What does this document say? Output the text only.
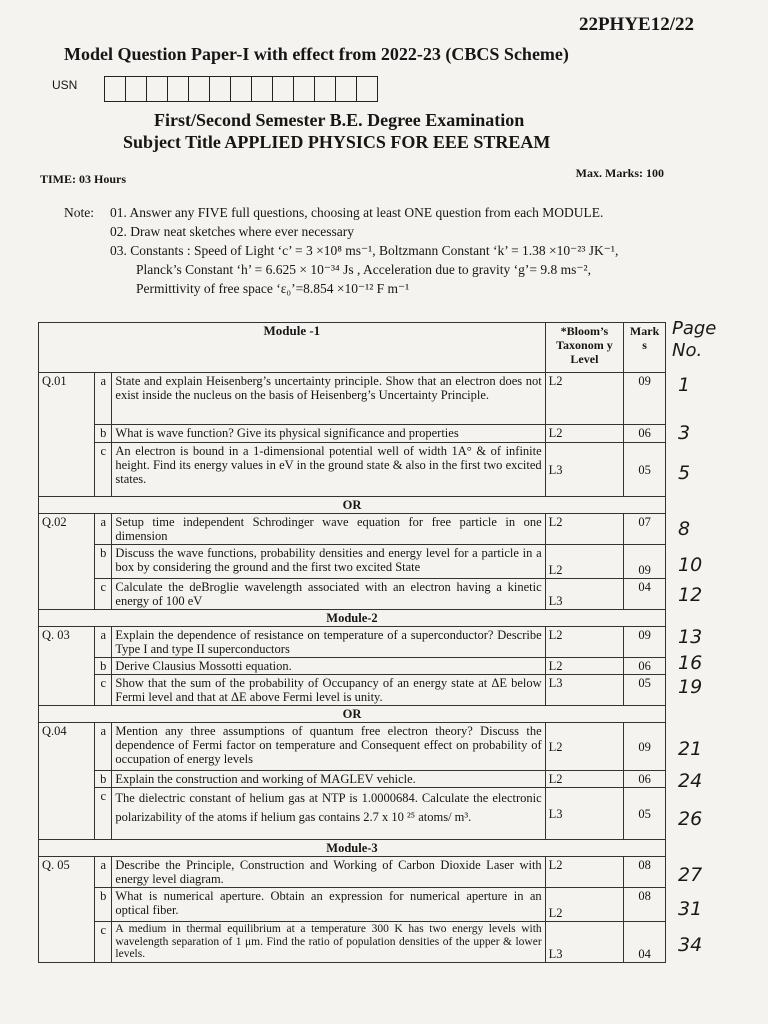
22PHYE12/22
Model Question Paper-I with effect from 2022-23 (CBCS Scheme)
USN
First/Second Semester B.E. Degree Examination
Subject Title APPLIED PHYSICS FOR EEE STREAM
TIME: 03 Hours	Max. Marks: 100
Note:	01. Answer any FIVE full questions, choosing at least ONE question from each MODULE.
02. Draw neat sketches where ever necessary
03. Constants : Speed of Light ‘c’ = 3 ×10⁸ ms⁻¹, Boltzmann Constant ‘k’ = 1.38 ×10⁻²³ JK⁻¹,
Planck’s Constant ‘h’ = 6.625 × 10⁻³⁴ Js , Acceleration due to gravity ‘g’= 9.8 ms⁻²,
Permittivity of free space ‘ε₀’=8.854 ×10⁻¹² F m⁻¹
Module -1			*Bloom’s Taxonom y Level	Mark s
Q.01	a	State and explain Heisenberg’s uncertainty principle. Show that an electron does not exist inside the nucleus on the basis of Heisenberg’s Uncertainty Principle.	L2	09
	b	What is wave function? Give its physical significance and properties	L2	06
	c	An electron is bound in a 1-dimensional potential well of width 1A° & of infinite height. Find its energy values in eV in the ground state & also in the first two excited states.	L3	05
OR				
Q.02	a	Setup time independent Schrodinger wave equation for free particle in one dimension	L2	07
	b	Discuss the wave functions, probability densities and energy level for a particle in a box by considering the ground and the first two excited State	L2	09
	c	Calculate the deBroglie wavelength associated with an electron having a kinetic energy of 100 eV	L3	04
Module-2				
Q. 03	a	Explain the dependence of resistance on temperature of a superconductor? Describe Type I and type II superconductors	L2	09
	b	Derive Clausius Mossotti equation.	L2	06
	c	Show that the sum of the probability of Occupancy of an energy state at ΔE below Fermi level and that at ΔE above Fermi level is unity.	L3	05
OR				
Q.04	a	Mention any three assumptions of quantum free electron theory? Discuss the dependence of Fermi factor on temperature and Consequent effect on probability of occupation of energy levels	L2	09
	b	Explain the construction and working of MAGLEV vehicle.	L2	06
	c	The dielectric constant of helium gas at NTP is 1.0000684. Calculate the electronic polarizability of the atoms if helium gas contains 2.7 x 10 ²⁵ atoms/ m³.	L3	05
Module-3				
Q. 05	a	Describe the Principle, Construction and Working of Carbon Dioxide Laser with energy level diagram.	L2	08
	b	What is numerical aperture. Obtain an expression for numerical aperture in an optical fiber.	L2	08
	c	A medium in thermal equilibrium at a temperature 300 K has two energy levels with wavelength separation of 1 μm. Find the ratio of population densities of the upper & lower levels.	L3	04
Page No.
1
3
5
8
10
12
13
16
19
21
24
26
27
31
34
